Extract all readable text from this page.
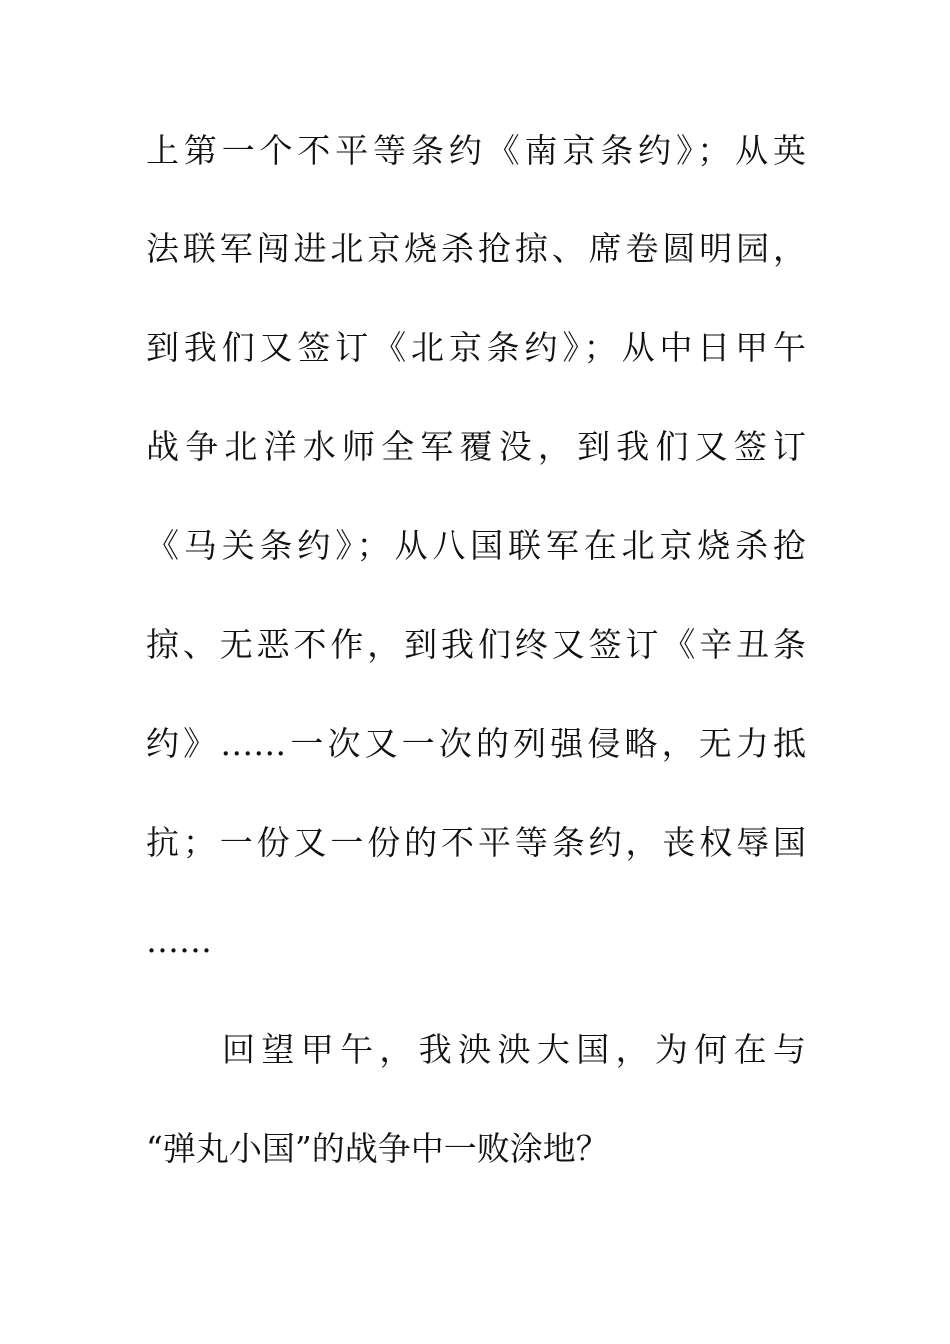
上第一个不平等条约《南京条约》；从英
法联军闯进北京烧杀抢掠、席卷圆明园，
到我们又签订《北京条约》；从中日甲午
战争北洋水师全军覆没，到我们又签订
《马关条约》；从八国联军在北京烧杀抢
掠、无恶不作，到我们终又签订《辛丑条
约》……一次又一次的列强侵略，无力抵
抗；一份又一份的不平等条约，丧权辱国
……
回望甲午，我泱泱大国，为何在与
“弹丸小国”的战争中一败涂地？
